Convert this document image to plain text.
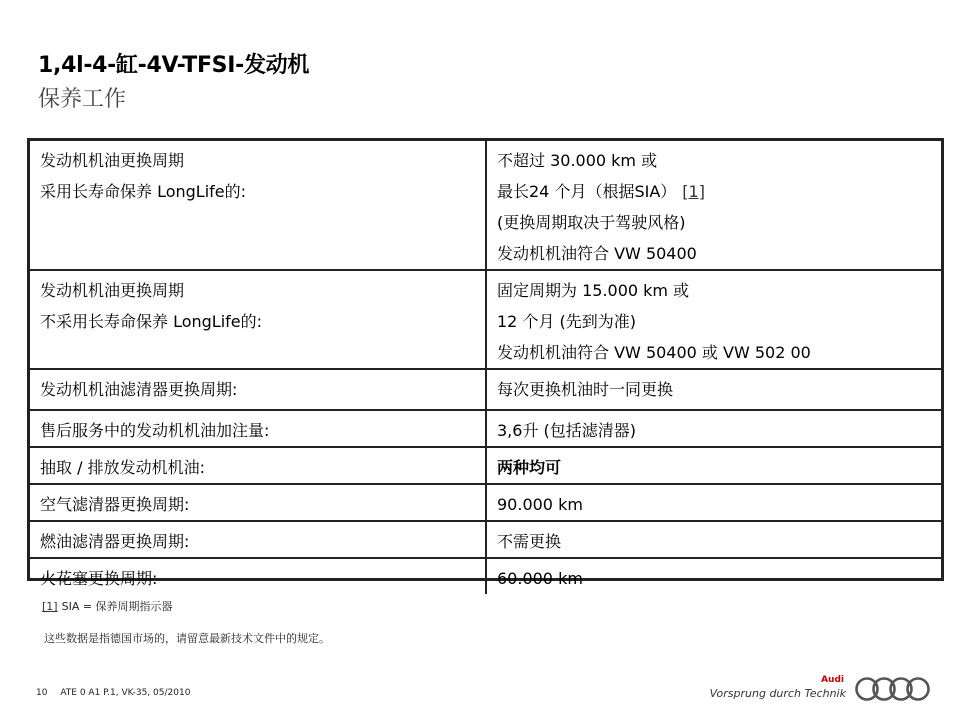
1,4l-4-缸-4V-TFSI-发动机
保养工作
发动机机油更换周期
采用长寿命保养 LongLife的:	不超过 30.000 km 或
最长24 个月（根据SIA） [1]
(更换周期取决于驾驶风格)
发动机机油符合 VW 50400

发动机机油更换周期
不采用长寿命保养 LongLife的:	固定周期为 15.000 km 或
12 个月 (先到为准)
发动机机油符合 VW 50400 或 VW 502 00

发动机机油滤清器更换周期:	每次更换机油时一同更换

售后服务中的发动机机油加注量:	3,6升 (包括滤清器)

抽取 / 排放发动机机油:	两种均可

空气滤清器更换周期:	90.000 km

燃油滤清器更换周期:	不需更换

火花塞更换周期:	60.000 km
[1] SIA = 保养周期指示器
这些数据是指德国市场的，请留意最新技术文件中的规定。
10 ATE 0 A1 P.1, VK-35, 05/2010
Audi
Vorsprung durch Technik
